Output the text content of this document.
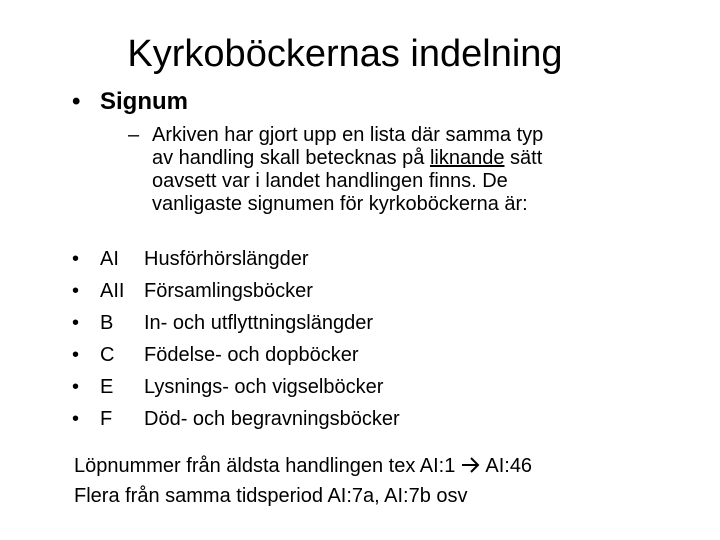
Kyrkoböckernas indelning
• Signum
– Arkiven har gjort upp en lista där samma typ
av handling skall betecknas på liknande sätt
oavsett var i landet handlingen finns. De
vanligaste signumen för kyrkoböckerna är:
• AI Husförhörslängder
• AII Församlingsböcker
• B In- och utflyttningslängder
• C Födelse- och dopböcker
• E Lysnings- och vigselböcker
• F Död- och begravningsböcker
Löpnummer från äldsta handlingen tex AI:1 AI:46
Flera från samma tidsperiod AI:7a, AI:7b osv
